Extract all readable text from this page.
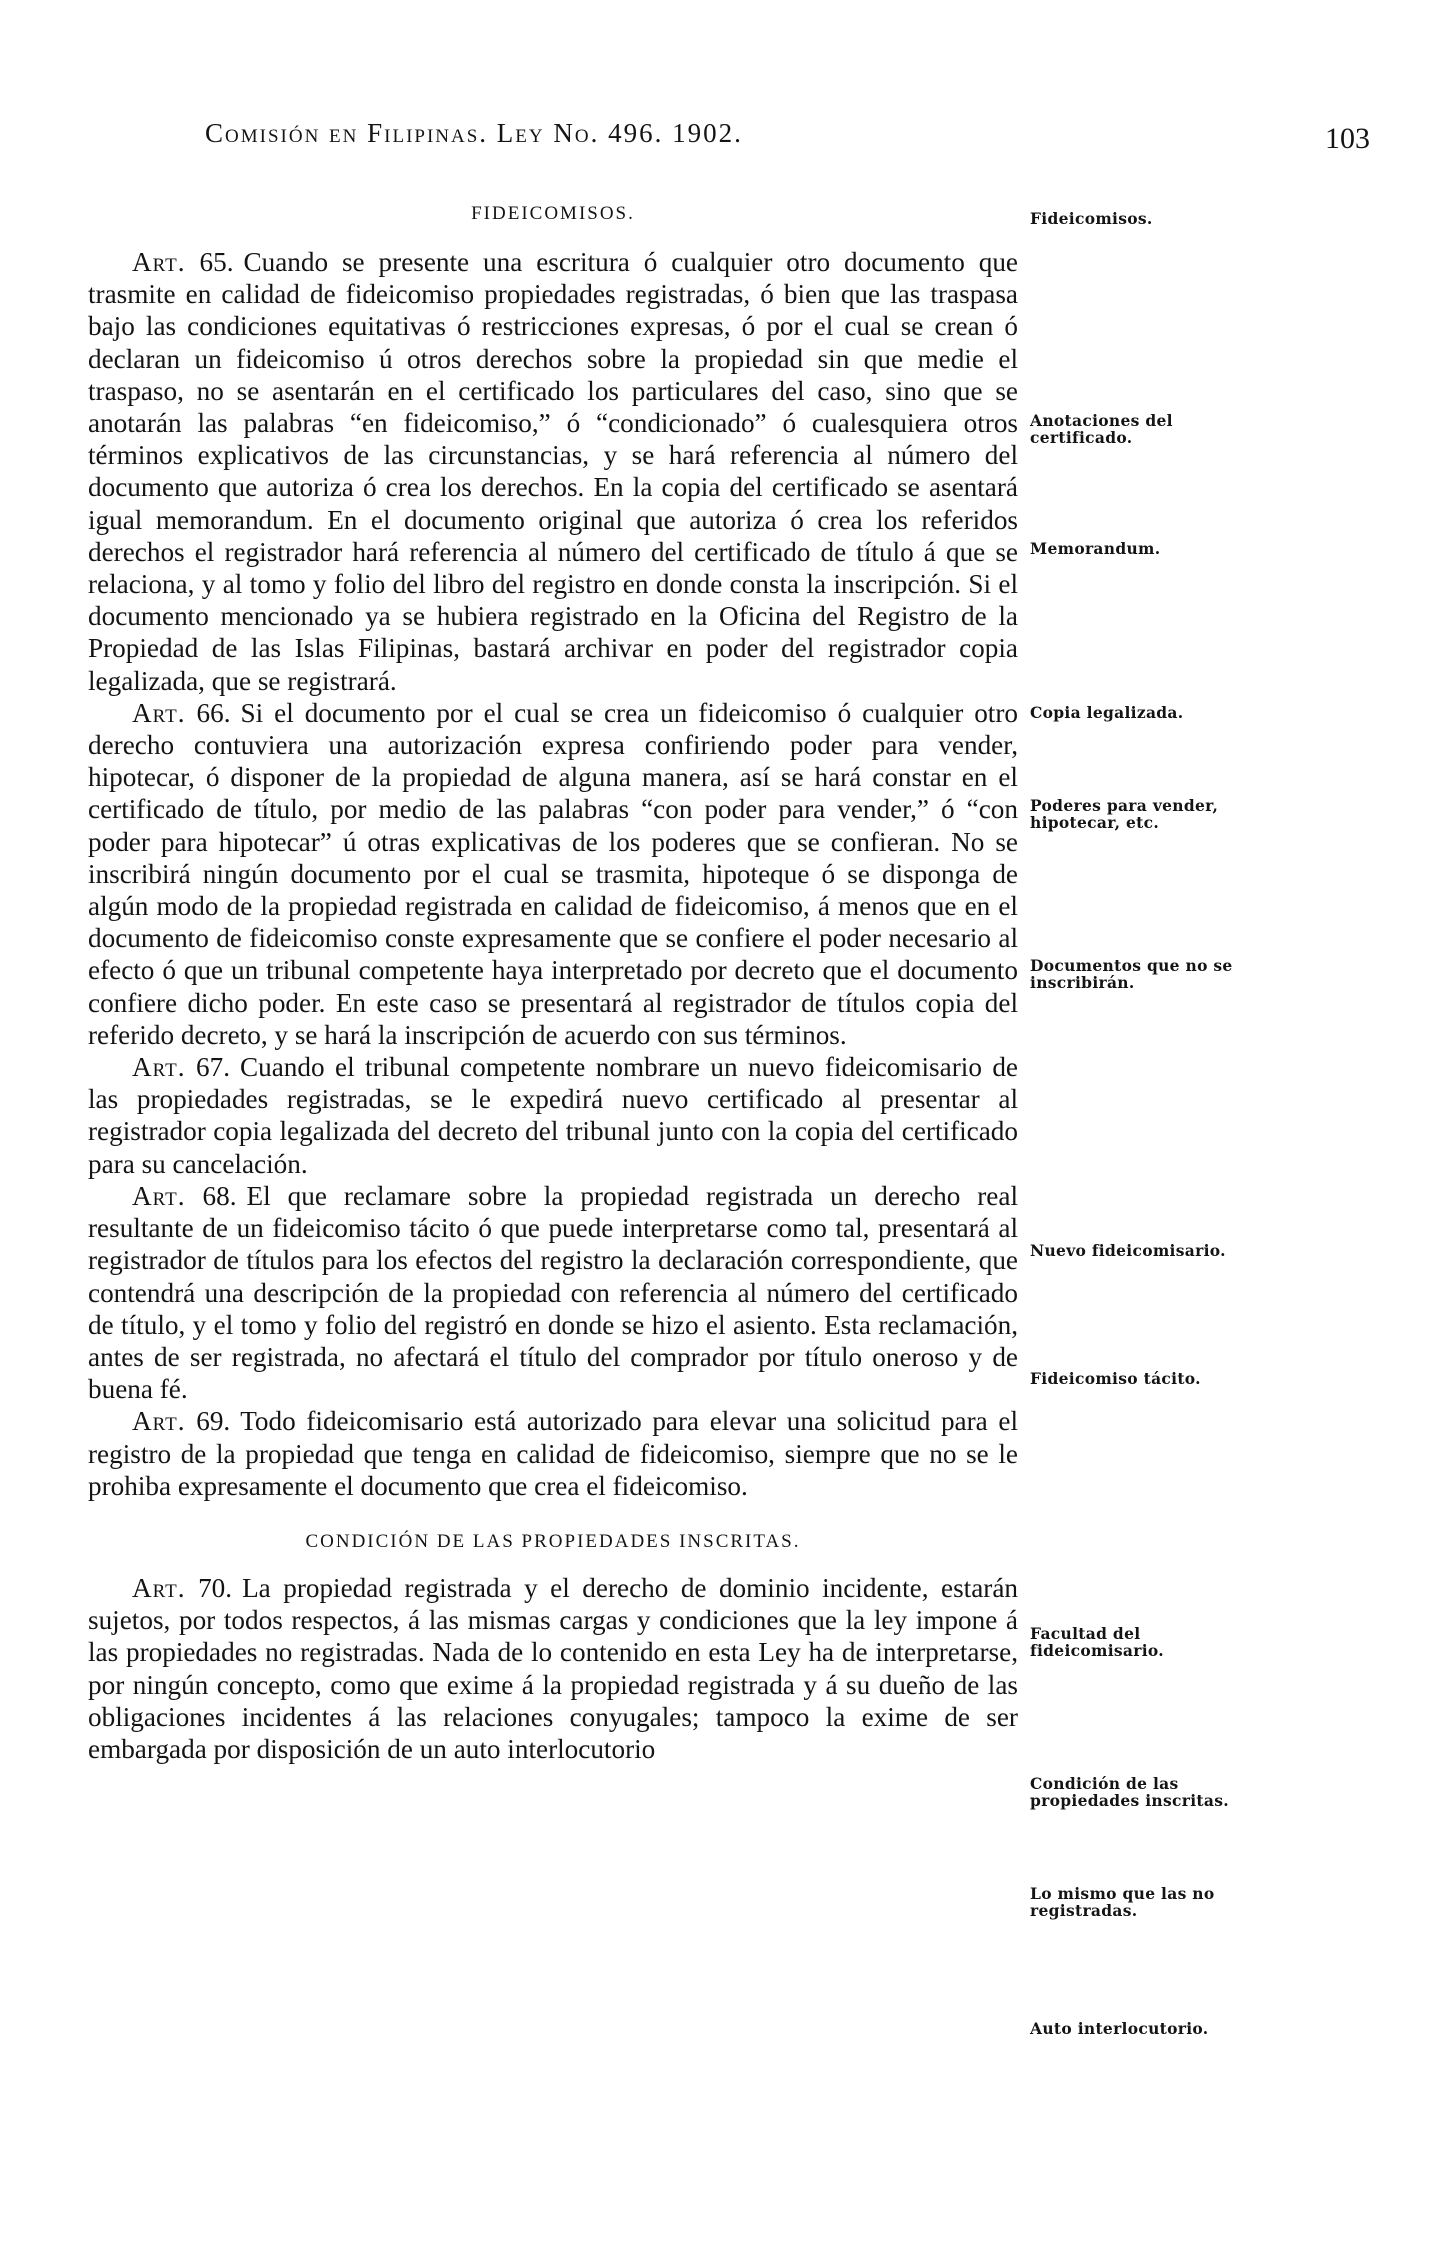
Comisión en Filipinas. Ley No. 496. 1902.	103
FIDEICOMISOS.

Art. 65. Cuando se presente una escritura ó cualquier otro documento que trasmite en calidad de fideicomiso propiedades registradas, ó bien que las traspasa bajo las condiciones equitativas ó restricciones expresas, ó por el cual se crean ó declaran un fideicomiso ú otros derechos sobre la propiedad sin que medie el traspaso, no se asentarán en el certificado los particulares del caso, sino que se anotarán las palabras “en fideicomiso,” ó “condicionado” ó cualesquiera otros términos explicativos de las circunstancias, y se hará referencia al número del documento que autoriza ó crea los derechos. En la copia del certificado se asentará igual memorandum. En el documento original que autoriza ó crea los referidos derechos el registrador hará referencia al número del certificado de título á que se relaciona, y al tomo y folio del libro del registro en donde consta la inscripción. Si el documento mencionado ya se hubiera registrado en la Oficina del Registro de la Propiedad de las Islas Filipinas, bastará archivar en poder del registrador copia legalizada, que se registrará.

Art. 66. Si el documento por el cual se crea un fideicomiso ó cualquier otro derecho contuviera una autorización expresa confiriendo poder para vender, hipotecar, ó disponer de la propiedad de alguna manera, así se hará constar en el certificado de título, por medio de las palabras “con poder para vender,” ó “con poder para hipotecar” ú otras explicativas de los poderes que se confieran. No se inscribirá ningún documento por el cual se trasmita, hipoteque ó se disponga de algún modo de la propiedad registrada en calidad de fideicomiso, á menos que en el documento de fideicomiso conste expresamente que se confiere el poder necesario al efecto ó que un tribunal competente haya interpretado por decreto que el documento confiere dicho poder. En este caso se presentará al registrador de títulos copia del referido decreto, y se hará la inscripción de acuerdo con sus términos.

Art. 67. Cuando el tribunal competente nombrare un nuevo fideicomisario de las propiedades registradas, se le expedirá nuevo certificado al presentar al registrador copia legalizada del decreto del tribunal junto con la copia del certificado para su cancelación.

Art. 68. El que reclamare sobre la propiedad registrada un derecho real resultante de un fideicomiso tácito ó que puede interpretarse como tal, presentará al registrador de títulos para los efectos del registro la declaración correspondiente, que contendrá una descripción de la propiedad con referencia al número del certificado de título, y el tomo y folio del registró en donde se hizo el asiento. Esta reclamación, antes de ser registrada, no afectará el título del comprador por título oneroso y de buena fé.

Art. 69. Todo fideicomisario está autorizado para elevar una solicitud para el registro de la propiedad que tenga en calidad de fideicomiso, siempre que no se le prohiba expresamente el documento que crea el fideicomiso.

CONDICIÓN DE LAS PROPIEDADES INSCRITAS.

Art. 70. La propiedad registrada y el derecho de dominio incidente, estarán sujetos, por todos respectos, á las mismas cargas y condiciones que la ley impone á las propiedades no registradas. Nada de lo contenido en esta Ley ha de interpretarse, por ningún concepto, como que exime á la propiedad registrada y á su dueño de las obligaciones incidentes á las relaciones conyugales; tampoco la exime de ser embargada por disposición de un auto interlocutorio

Fideicomisos.
Anotaciones del certificado.
Memorandum.
Copia legalizada.
Poderes para vender, hipotecar, etc.
Documentos que no se inscribirán.
Nuevo fideicomisario.
Fideicomiso tácito.
Facultad del fideicomisario.
Condición de las propiedades inscritas.
Lo mismo que las no registradas.
Auto interlocutorio.
